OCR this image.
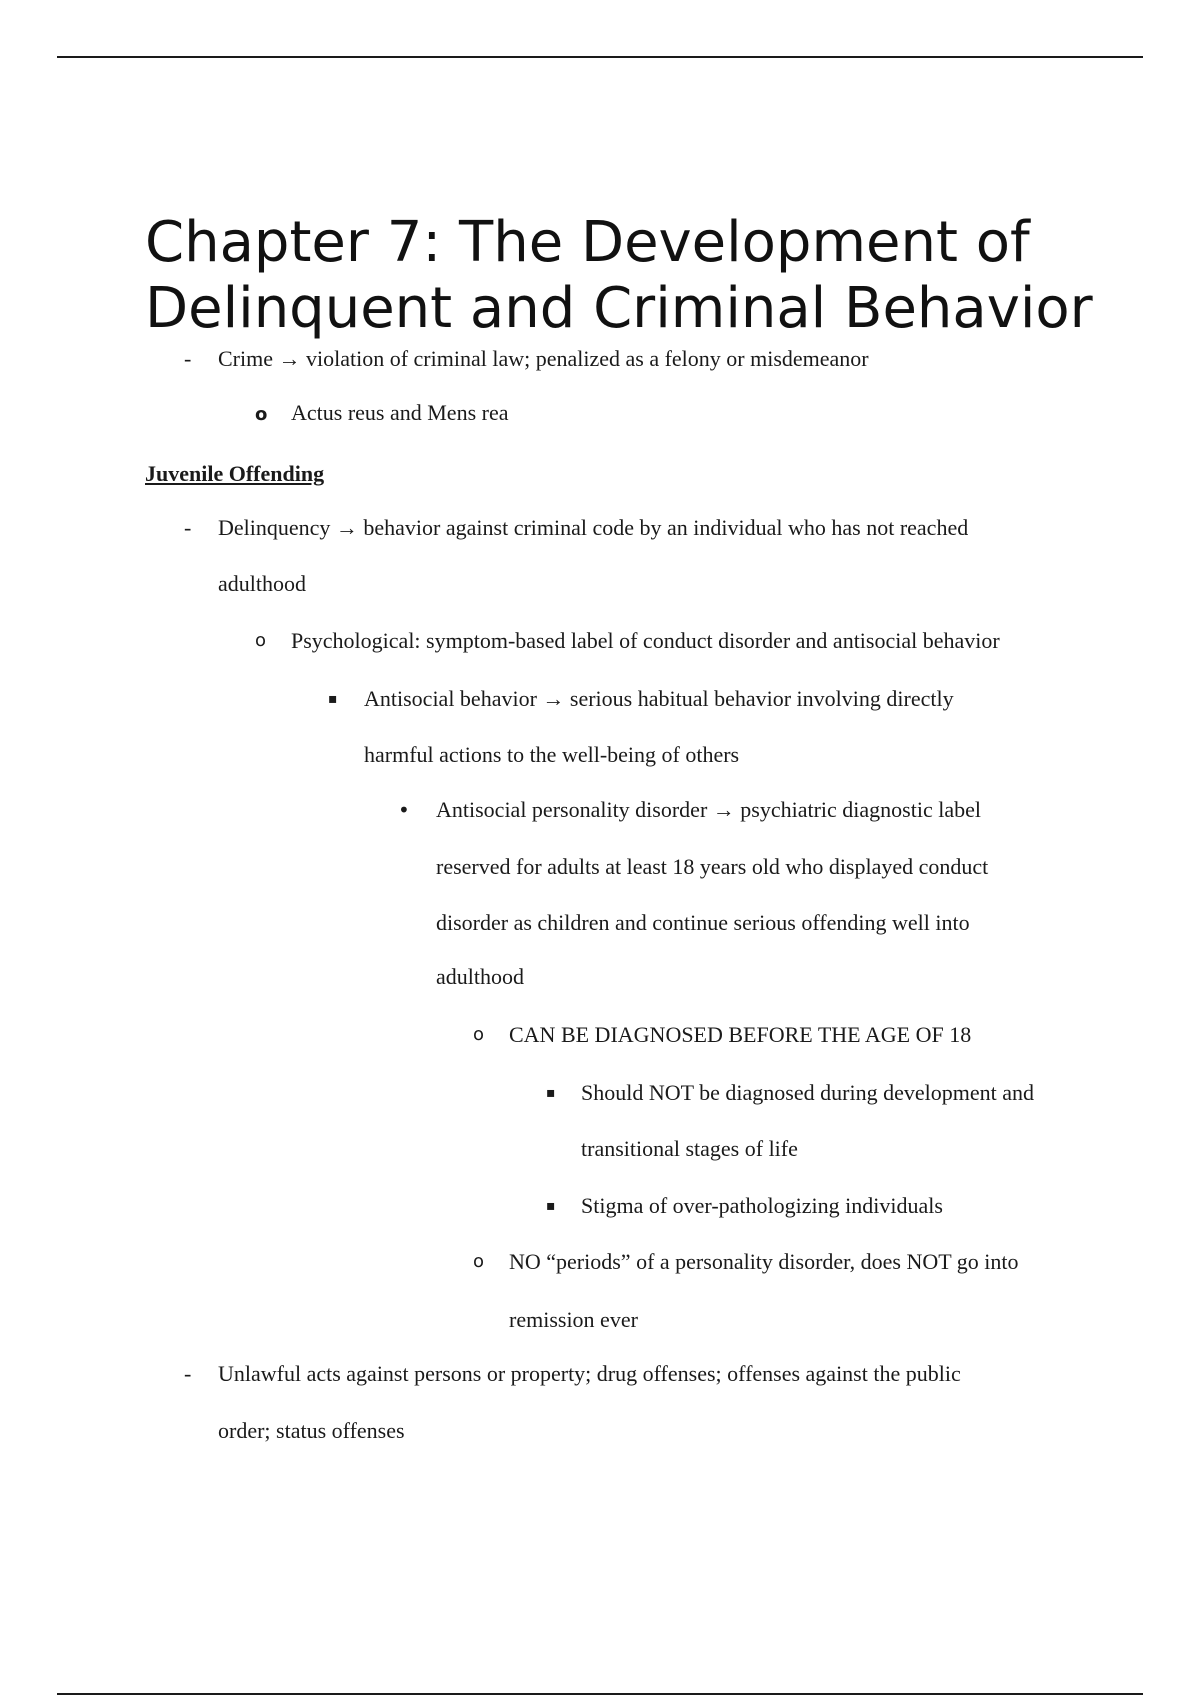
Chapter 7: The Development of
Delinquent and Criminal Behavior
- Crime → violation of criminal law; penalized as a felony or misdemeanor
o Actus reus and Mens rea
Juvenile Offending
- Delinquency → behavior against criminal code by an individual who has not reached
adulthood
o Psychological: symptom-based label of conduct disorder and antisocial behavior
▪ Antisocial behavior → serious habitual behavior involving directly
harmful actions to the well-being of others
• Antisocial personality disorder → psychiatric diagnostic label
reserved for adults at least 18 years old who displayed conduct
disorder as children and continue serious offending well into
adulthood
o CAN BE DIAGNOSED BEFORE THE AGE OF 18
▪ Should NOT be diagnosed during development and
transitional stages of life
▪ Stigma of over-pathologizing individuals
o NO “periods” of a personality disorder, does NOT go into
remission ever
- Unlawful acts against persons or property; drug offenses; offenses against the public
order; status offenses
